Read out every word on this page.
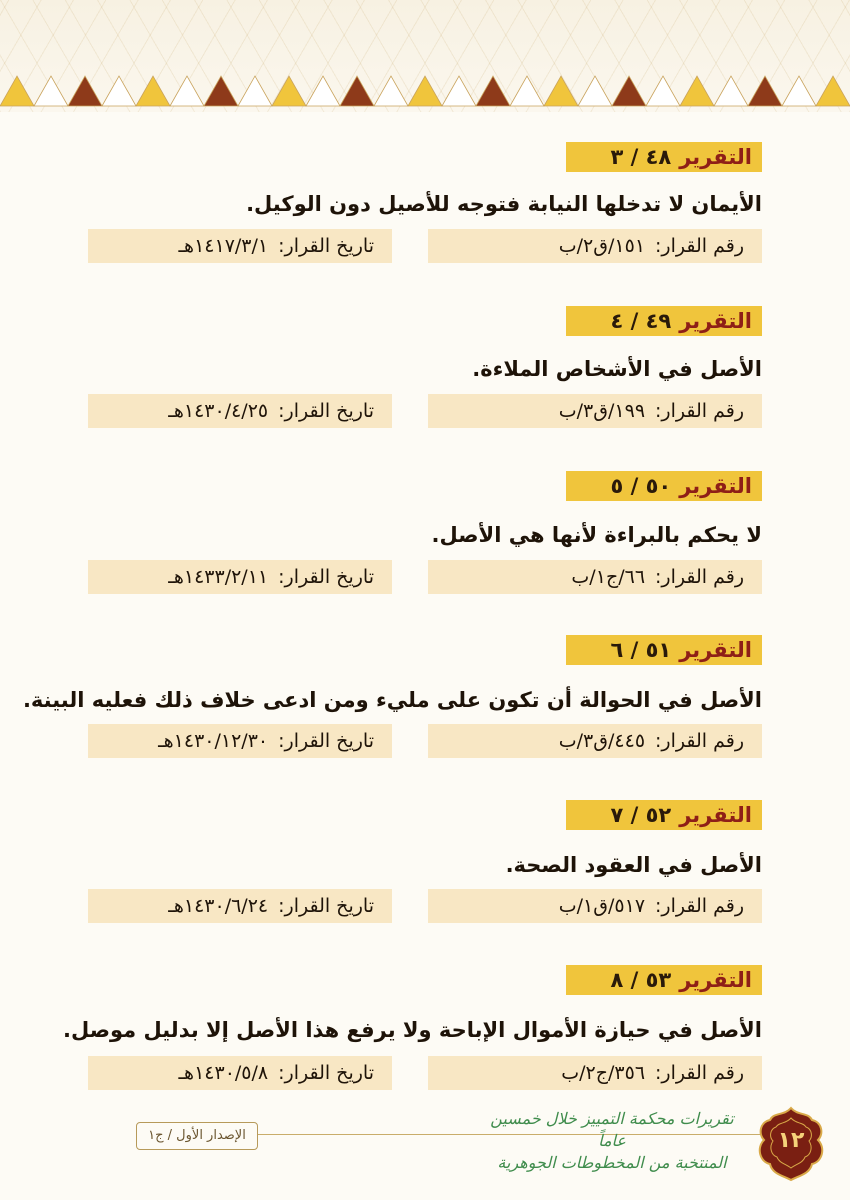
التقرير
٤٨ / ٣
الأيمان لا تدخلها النيابة فتوجه للأصيل دون الوكيل.
رقم القرار:
١٥١/ق٢/ب
تاريخ القرار:
١٤١٧/٣/١هـ
التقرير
٤٩ / ٤
الأصل في الأشخاص الملاءة.
رقم القرار:
١٩٩/ق٣/ب
تاريخ القرار:
١٤٣٠/٤/٢٥هـ
التقرير
٥٠ / ٥
لا يحكم بالبراءة لأنها هي الأصل.
رقم القرار:
٦٦/ج١/ب
تاريخ القرار:
١٤٣٣/٢/١١هـ
التقرير
٥١ / ٦
الأصل في الحوالة أن تكون على مليء ومن ادعى خلاف ذلك فعليه البينة.
رقم القرار:
٤٤٥/ق٣/ب
تاريخ القرار:
١٤٣٠/١٢/٣٠هـ
التقرير
٥٢ / ٧
الأصل في العقود الصحة.
رقم القرار:
٥١٧/ق١/ب
تاريخ القرار:
١٤٣٠/٦/٢٤هـ
التقرير
٥٣ / ٨
الأصل في حيازة الأموال الإباحة ولا يرفع هذا الأصل إلا بدليل موصل.
رقم القرار:
٣٥٦/ج٢/ب
تاريخ القرار:
١٤٣٠/٥/٨هـ
الإصدار الأول / ج١
تقريرات محكمة التمييز خلال خمسين عاماً
المنتخبة من المخطوطات الجوهرية
١٢
